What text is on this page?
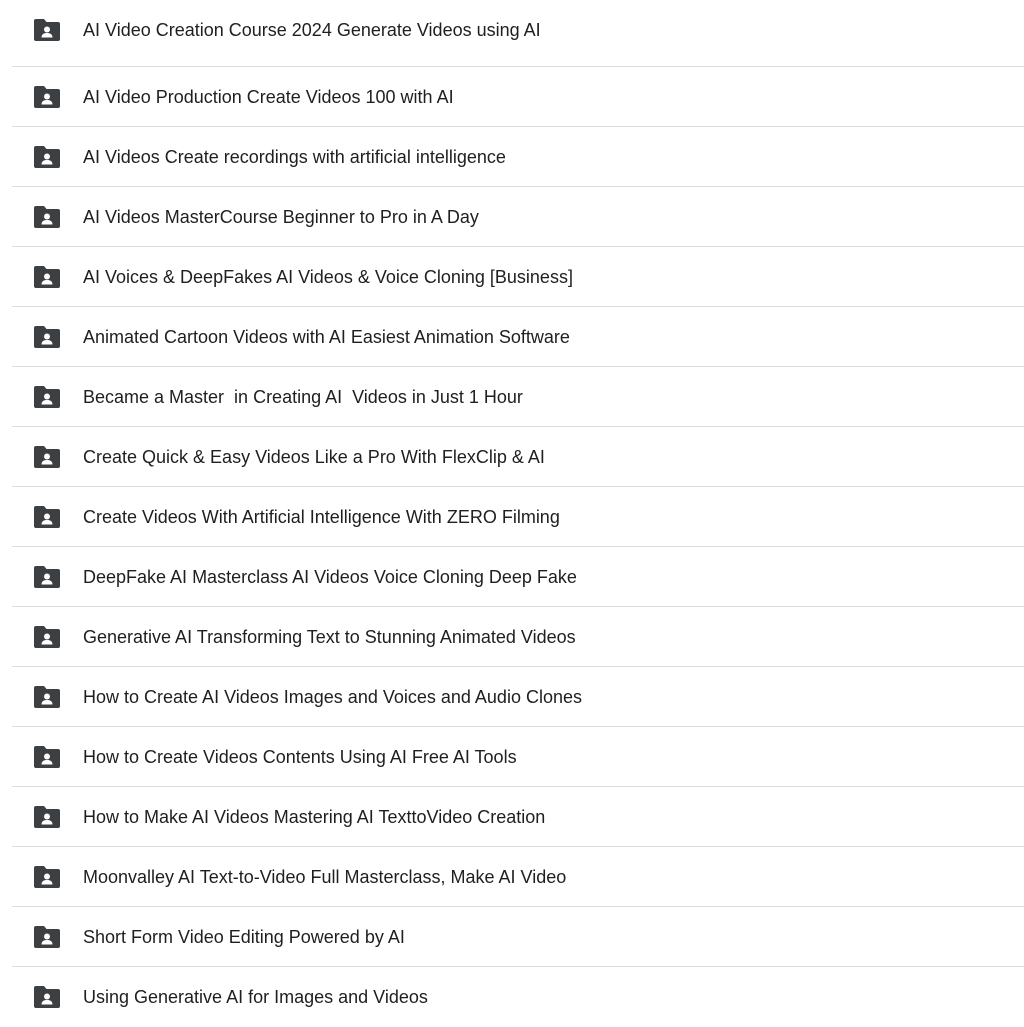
AI Video Creation Course 2024 Generate Videos using AI
AI Video Production Create Videos 100 with AI
AI Videos Create recordings with artificial intelligence
AI Videos MasterCourse Beginner to Pro in A Day
AI Voices & DeepFakes AI Videos & Voice Cloning [Business]
Animated Cartoon Videos with AI Easiest Animation Software
Became a Master  in Creating AI  Videos in Just 1 Hour
Create Quick & Easy Videos Like a Pro With FlexClip & AI
Create Videos With Artificial Intelligence With ZERO Filming
DeepFake AI Masterclass AI Videos Voice Cloning Deep Fake
Generative AI Transforming Text to Stunning Animated Videos
How to Create AI Videos Images and Voices and Audio Clones
How to Create Videos Contents Using AI Free AI Tools
How to Make AI Videos Mastering AI TexttoVideo Creation
Moonvalley AI Text-to-Video Full Masterclass, Make AI Video
Short Form Video Editing Powered by AI
Using Generative AI for Images and Videos
